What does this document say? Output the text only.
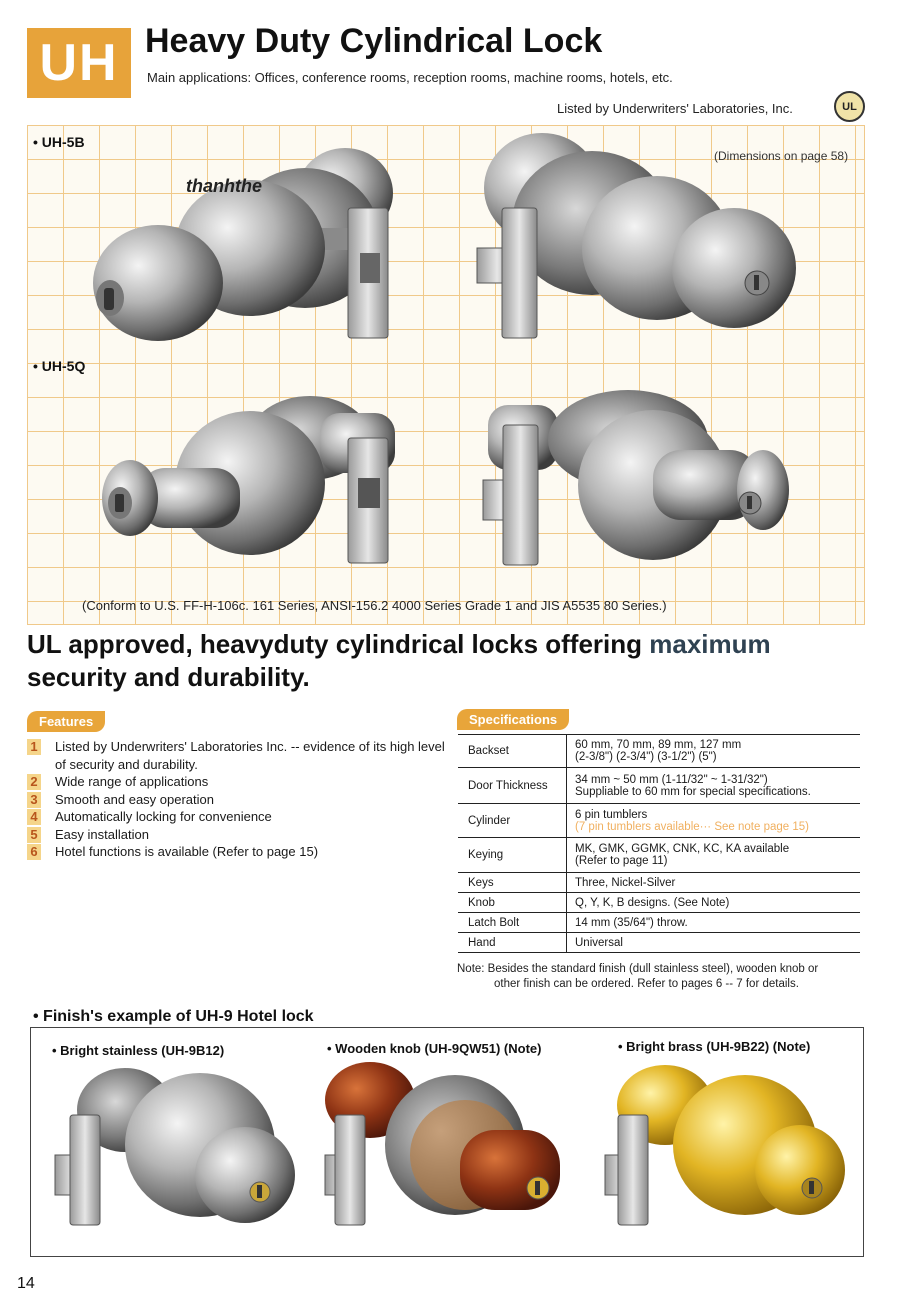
UH Heavy Duty Cylindrical Lock
Main applications: Offices, conference rooms, reception rooms, machine rooms, hotels, etc.
Listed by Underwriters' Laboratories, Inc.	UL
• UH-5B
• UH-5Q
(Dimensions on page 58)
thanhthe
(Conform to U.S. FF-H-106c. 161 Series, ANSI-156.2 4000 Series Grade 1 and JIS A5535 80 Series.)
UL approved, heavyduty cylindrical locks offering maximum
security and durability.
Features
1 Listed by Underwriters' Laboratories Inc. -- evidence of its high level of security and durability.
2 Wide range of applications
3 Smooth and easy operation
4 Automatically locking for convenience
5 Easy installation
6 Hotel functions is available (Refer to page 15)
Specifications
Backset	60 mm, 70 mm, 89 mm, 127 mm
(2-3/8") (2-3/4") (3-1/2") (5")

Door Thickness	34 mm ~ 50 mm (1-11/32" ~ 1-31/32")
Suppliable to 60 mm for special specifications.

Cylinder	6 pin tumblers
(7 pin tumblers available··· See note page 15)

Keying	MK, GMK, GGMK, CNK, KC, KA available
(Refer to page 11)

Keys	Three, Nickel-Silver
Knob	Q, Y, K, B designs. (See Note)
Latch Bolt	14 mm (35/64") throw.
Hand	Universal
Note: Besides the standard finish (dull stainless steel), wooden knob or
other finish can be ordered. Refer to pages 6 -- 7 for details.
• Finish's example of UH-9 Hotel lock
• Bright stainless (UH-9B12)	• Wooden knob (UH-9QW51) (Note)	• Bright brass (UH-9B22) (Note)
14
